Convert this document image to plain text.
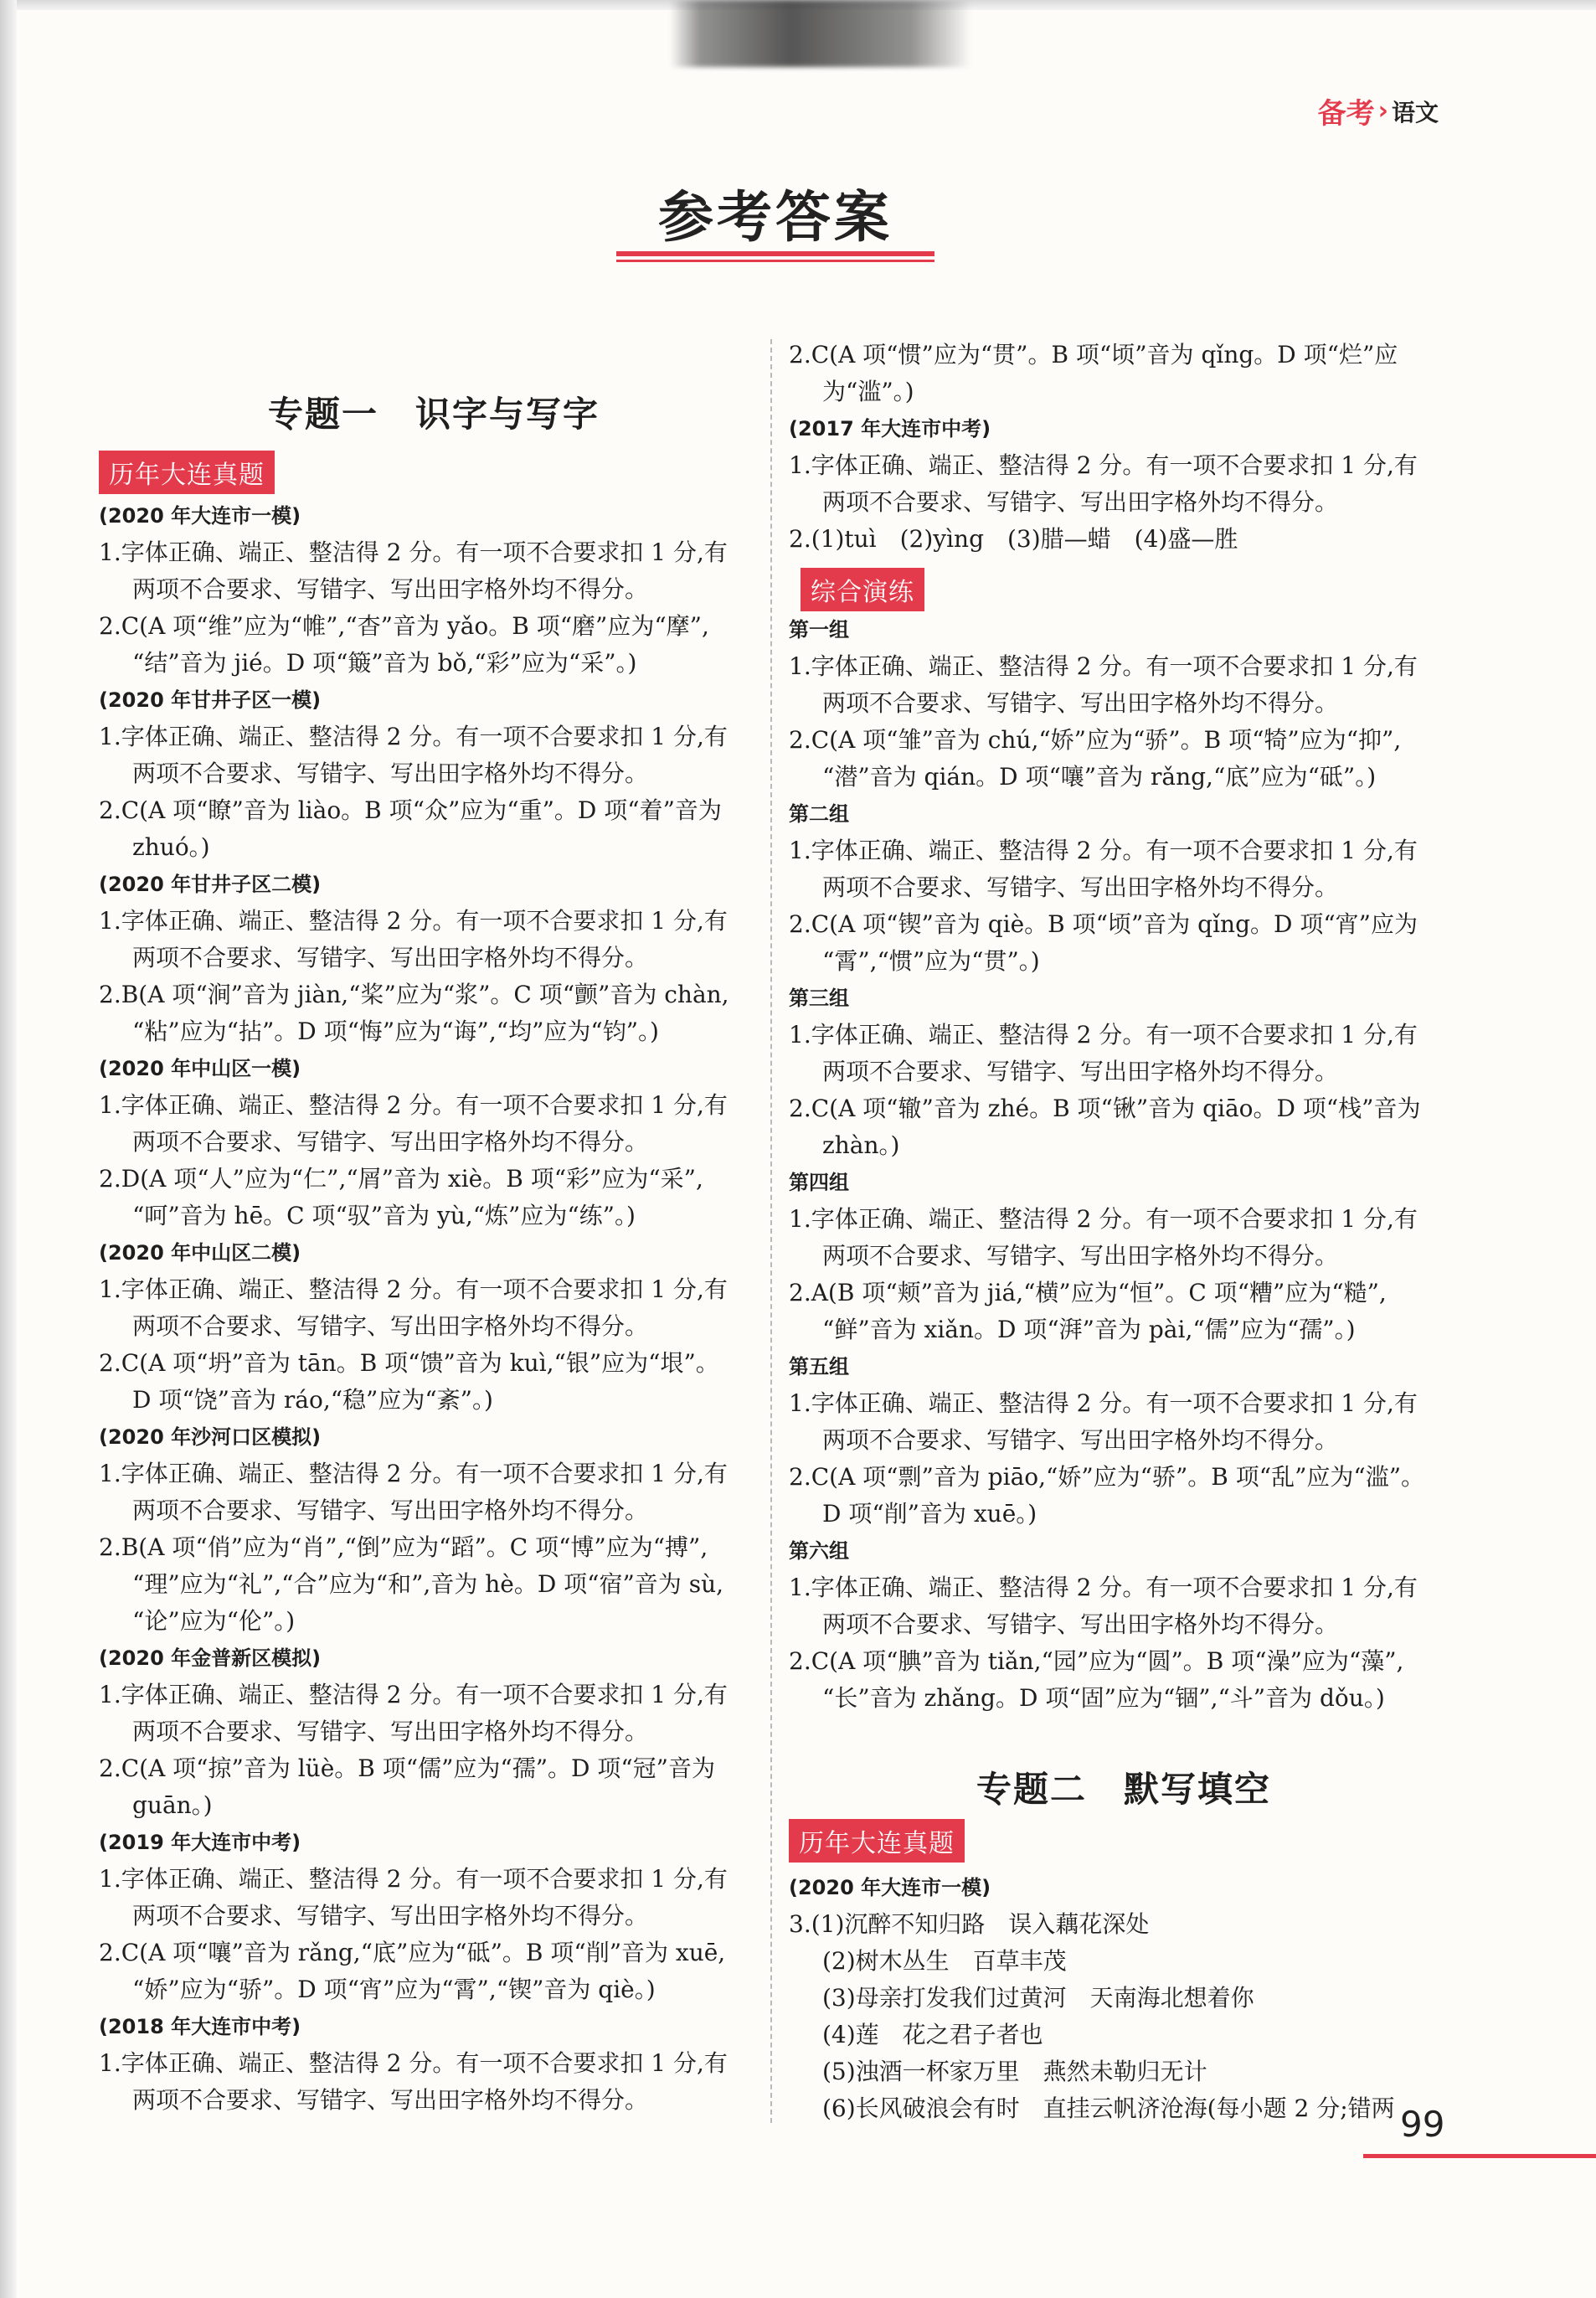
备考 › 语文
参考答案
专题一　识字与写字
历年大连真题
(2020 年大连市一模)
1.字体正确、端正、整洁得 2 分。有一项不合要求扣 1 分,有
两项不合要求、写错字、写出田字格外均不得分。
2.C(A 项“维”应为“帷”,“杳”音为 yǎo。B 项“磨”应为“摩”,
“结”音为 jié。D 项“簸”音为 bǒ,“彩”应为“采”。)
(2020 年甘井子区一模)
1.字体正确、端正、整洁得 2 分。有一项不合要求扣 1 分,有
两项不合要求、写错字、写出田字格外均不得分。
2.C(A 项“瞭”音为 liào。B 项“众”应为“重”。D 项“着”音为
zhuó。)
(2020 年甘井子区二模)
1.字体正确、端正、整洁得 2 分。有一项不合要求扣 1 分,有
两项不合要求、写错字、写出田字格外均不得分。
2.B(A 项“涧”音为 jiàn,“桨”应为“浆”。C 项“颤”音为 chàn,
“粘”应为“拈”。D 项“悔”应为“诲”,“均”应为“钧”。)
(2020 年中山区一模)
1.字体正确、端正、整洁得 2 分。有一项不合要求扣 1 分,有
两项不合要求、写错字、写出田字格外均不得分。
2.D(A 项“人”应为“仁”,“屑”音为 xiè。B 项“彩”应为“采”,
“呵”音为 hē。C 项“驭”音为 yù,“炼”应为“练”。)
(2020 年中山区二模)
1.字体正确、端正、整洁得 2 分。有一项不合要求扣 1 分,有
两项不合要求、写错字、写出田字格外均不得分。
2.C(A 项“坍”音为 tān。B 项“馈”音为 kuì,“银”应为“垠”。
D 项“饶”音为 ráo,“稳”应为“紊”。)
(2020 年沙河口区模拟)
1.字体正确、端正、整洁得 2 分。有一项不合要求扣 1 分,有
两项不合要求、写错字、写出田字格外均不得分。
2.B(A 项“俏”应为“肖”,“倒”应为“蹈”。C 项“博”应为“搏”,
“理”应为“礼”,“合”应为“和”,音为 hè。D 项“宿”音为 sù,
“论”应为“伦”。)
(2020 年金普新区模拟)
1.字体正确、端正、整洁得 2 分。有一项不合要求扣 1 分,有
两项不合要求、写错字、写出田字格外均不得分。
2.C(A 项“掠”音为 lüè。B 项“儒”应为“孺”。D 项“冠”音为
guān。)
(2019 年大连市中考)
1.字体正确、端正、整洁得 2 分。有一项不合要求扣 1 分,有
两项不合要求、写错字、写出田字格外均不得分。
2.C(A 项“嚷”音为 rǎng,“底”应为“砥”。B 项“削”音为 xuē,
“娇”应为“骄”。D 项“宵”应为“霄”,“锲”音为 qiè。)
(2018 年大连市中考)
1.字体正确、端正、整洁得 2 分。有一项不合要求扣 1 分,有
两项不合要求、写错字、写出田字格外均不得分。
2.C(A 项“惯”应为“贯”。B 项“顷”音为 qǐng。D 项“烂”应
为“滥”。)
(2017 年大连市中考)
1.字体正确、端正、整洁得 2 分。有一项不合要求扣 1 分,有
两项不合要求、写错字、写出田字格外均不得分。
2.(1)tuì　(2)yìng　(3)腊—蜡　(4)盛—胜
综合演练
第一组
1.字体正确、端正、整洁得 2 分。有一项不合要求扣 1 分,有
两项不合要求、写错字、写出田字格外均不得分。
2.C(A 项“雏”音为 chú,“娇”应为“骄”。B 项“犄”应为“抑”,
“潜”音为 qián。D 项“嚷”音为 rǎng,“底”应为“砥”。)
第二组
1.字体正确、端正、整洁得 2 分。有一项不合要求扣 1 分,有
两项不合要求、写错字、写出田字格外均不得分。
2.C(A 项“锲”音为 qiè。B 项“顷”音为 qǐng。D 项“宵”应为
“霄”,“惯”应为“贯”。)
第三组
1.字体正确、端正、整洁得 2 分。有一项不合要求扣 1 分,有
两项不合要求、写错字、写出田字格外均不得分。
2.C(A 项“辙”音为 zhé。B 项“锹”音为 qiāo。D 项“栈”音为
zhàn。)
第四组
1.字体正确、端正、整洁得 2 分。有一项不合要求扣 1 分,有
两项不合要求、写错字、写出田字格外均不得分。
2.A(B 项“颊”音为 jiá,“横”应为“恒”。C 项“糟”应为“糙”,
“鲜”音为 xiǎn。D 项“湃”音为 pài,“儒”应为“孺”。)
第五组
1.字体正确、端正、整洁得 2 分。有一项不合要求扣 1 分,有
两项不合要求、写错字、写出田字格外均不得分。
2.C(A 项“剽”音为 piāo,“娇”应为“骄”。B 项“乱”应为“滥”。
D 项“削”音为 xuē。)
第六组
1.字体正确、端正、整洁得 2 分。有一项不合要求扣 1 分,有
两项不合要求、写错字、写出田字格外均不得分。
2.C(A 项“腆”音为 tiǎn,“园”应为“圆”。B 项“澡”应为“藻”,
“长”音为 zhǎng。D 项“固”应为“锢”,“斗”音为 dǒu。)
专题二　默写填空
历年大连真题
(2020 年大连市一模)
3.(1)沉醉不知归路　误入藕花深处
(2)树木丛生　百草丰茂
(3)母亲打发我们过黄河　天南海北想着你
(4)莲　花之君子者也
(5)浊酒一杯家万里　燕然未勒归无计
(6)长风破浪会有时　直挂云帆济沧海(每小题 2 分;错两 99
